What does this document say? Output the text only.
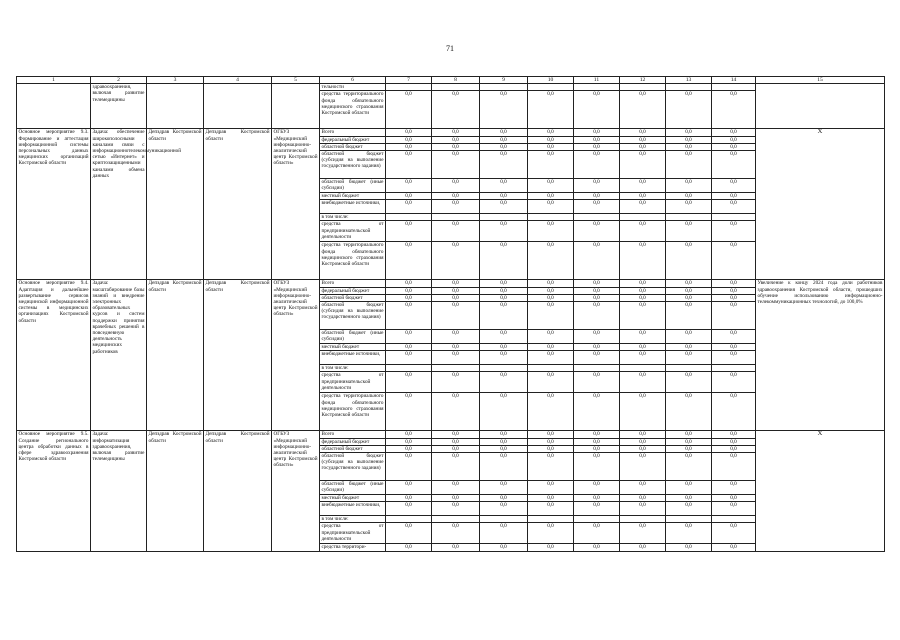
71
1	2	3	4	5	6	7	8	9	10	11	12	13	14	15
	здравоохранения, включая развитие телемедицины				тельности									
					средства территориального фонда обязательного медицинского страхования Костромской области	0,0	0,0	0,0	0,0	0,0	0,0	0,0	0,0	
Основное мероприятие 9.3. Формирование и аттестация информационной системы персональных данных медицинских организаций Костромской области	Задача: обеспечение широкополосными каналами связи с информационнотелекоммуникационной сетью «Интернет» и криптозащищенными каналами обмена данных	Депздрав Костромской области	Депздрав Костромской области	ОГБУЗ «Медицинский информационно-аналитический центр Костромской области»	Всего	0,0	0,0	0,0	0,0	0,0	0,0	0,0	0,0	X
					федеральный бюджет	0,0	0,0	0,0	0,0	0,0	0,0	0,0	0,0	
					областной бюджет	0,0	0,0	0,0	0,0	0,0	0,0	0,0	0,0	
					областной бюджет (субсидия на выполнение государственного задания)	0,0	0,0	0,0	0,0	0,0	0,0	0,0	0,0	
					областной бюджет (иные субсидии)	0,0	0,0	0,0	0,0	0,0	0,0	0,0	0,0	
					местный бюджет	0,0	0,0	0,0	0,0	0,0	0,0	0,0	0,0	
					внебюджетные источники,	0,0	0,0	0,0	0,0	0,0	0,0	0,0	0,0	
					в том числе:									
					средства от предпринимательской деятельности	0,0	0,0	0,0	0,0	0,0	0,0	0,0	0,0	
					средства территориального фонда обязательного медицинского страхования Костромской области	0,0	0,0	0,0	0,0	0,0	0,0	0,0	0,0	
Основное мероприятие 9.4. Адаптация и дальнейшее развертывание сервисов медицинской информационной системы в медицинских организациях Костромской области	Задача: масштабирование базы знаний и внедрение электронных образовательных курсов и систем поддержки принятия врачебных решений в повседневную деятельность медицинских работников	Депздрав Костромской области	Депздрав Костромской области	ОГБУЗ «Медицинский информационно-аналитический центр Костромской области»	Всего	0,0	0,0	0,0	0,0	0,0	0,0	0,0	0,0	Увеличение к концу 2024 года доли работников здравоохранения Костромской области, прошедших обучение использованию информационно-телекоммуникационных технологий, до 100,0%
					федеральный бюджет	0,0	0,0	0,0	0,0	0,0	0,0	0,0	0,0	
					областной бюджет	0,0	0,0	0,0	0,0	0,0	0,0	0,0	0,0	
					областной бюджет (субсидия на выполнение государственного задания)	0,0	0,0	0,0	0,0	0,0	0,0	0,0	0,0	
					областной бюджет (иные субсидии)	0,0	0,0	0,0	0,0	0,0	0,0	0,0	0,0	
					местный бюджет	0,0	0,0	0,0	0,0	0,0	0,0	0,0	0,0	
					внебюджетные источники,	0,0	0,0	0,0	0,0	0,0	0,0	0,0	0,0	
					в том числе:									
					средства от предпринимательской деятельности	0,0	0,0	0,0	0,0	0,0	0,0	0,0	0,0	
					средства территориального фонда обязательного медицинского страхования Костромской области	0,0	0,0	0,0	0,0	0,0	0,0	0,0	0,0	
Основное мероприятие 9.5. Создание регионального центра обработки данных в сфере здравоохранения Костромской области	Задача: информатизация здравоохранения, включая развитие телемедицины	Депздрав Костромской области	Депздрав Костромской области	ОГБУЗ «Медицинский информационно-аналитический центр Костромской области»	Всего	0,0	0,0	0,0	0,0	0,0	0,0	0,0	0,0	X
					федеральный бюджет	0,0	0,0	0,0	0,0	0,0	0,0	0,0	0,0	
					областной бюджет	0,0	0,0	0,0	0,0	0,0	0,0	0,0	0,0	
					областной бюджет (субсидия на выполнение государственного задания)	0,0	0,0	0,0	0,0	0,0	0,0	0,0	0,0	
					областной бюджет (иные субсидии)	0,0	0,0	0,0	0,0	0,0	0,0	0,0	0,0	
					местный бюджет	0,0	0,0	0,0	0,0	0,0	0,0	0,0	0,0	
					внебюджетные источники,	0,0	0,0	0,0	0,0	0,0	0,0	0,0	0,0	
					в том числе:									
					средства от предпринимательской деятельности	0,0	0,0	0,0	0,0	0,0	0,0	0,0	0,0	
					средства территори-	0,0	0,0	0,0	0,0	0,0	0,0	0,0	0,0	
